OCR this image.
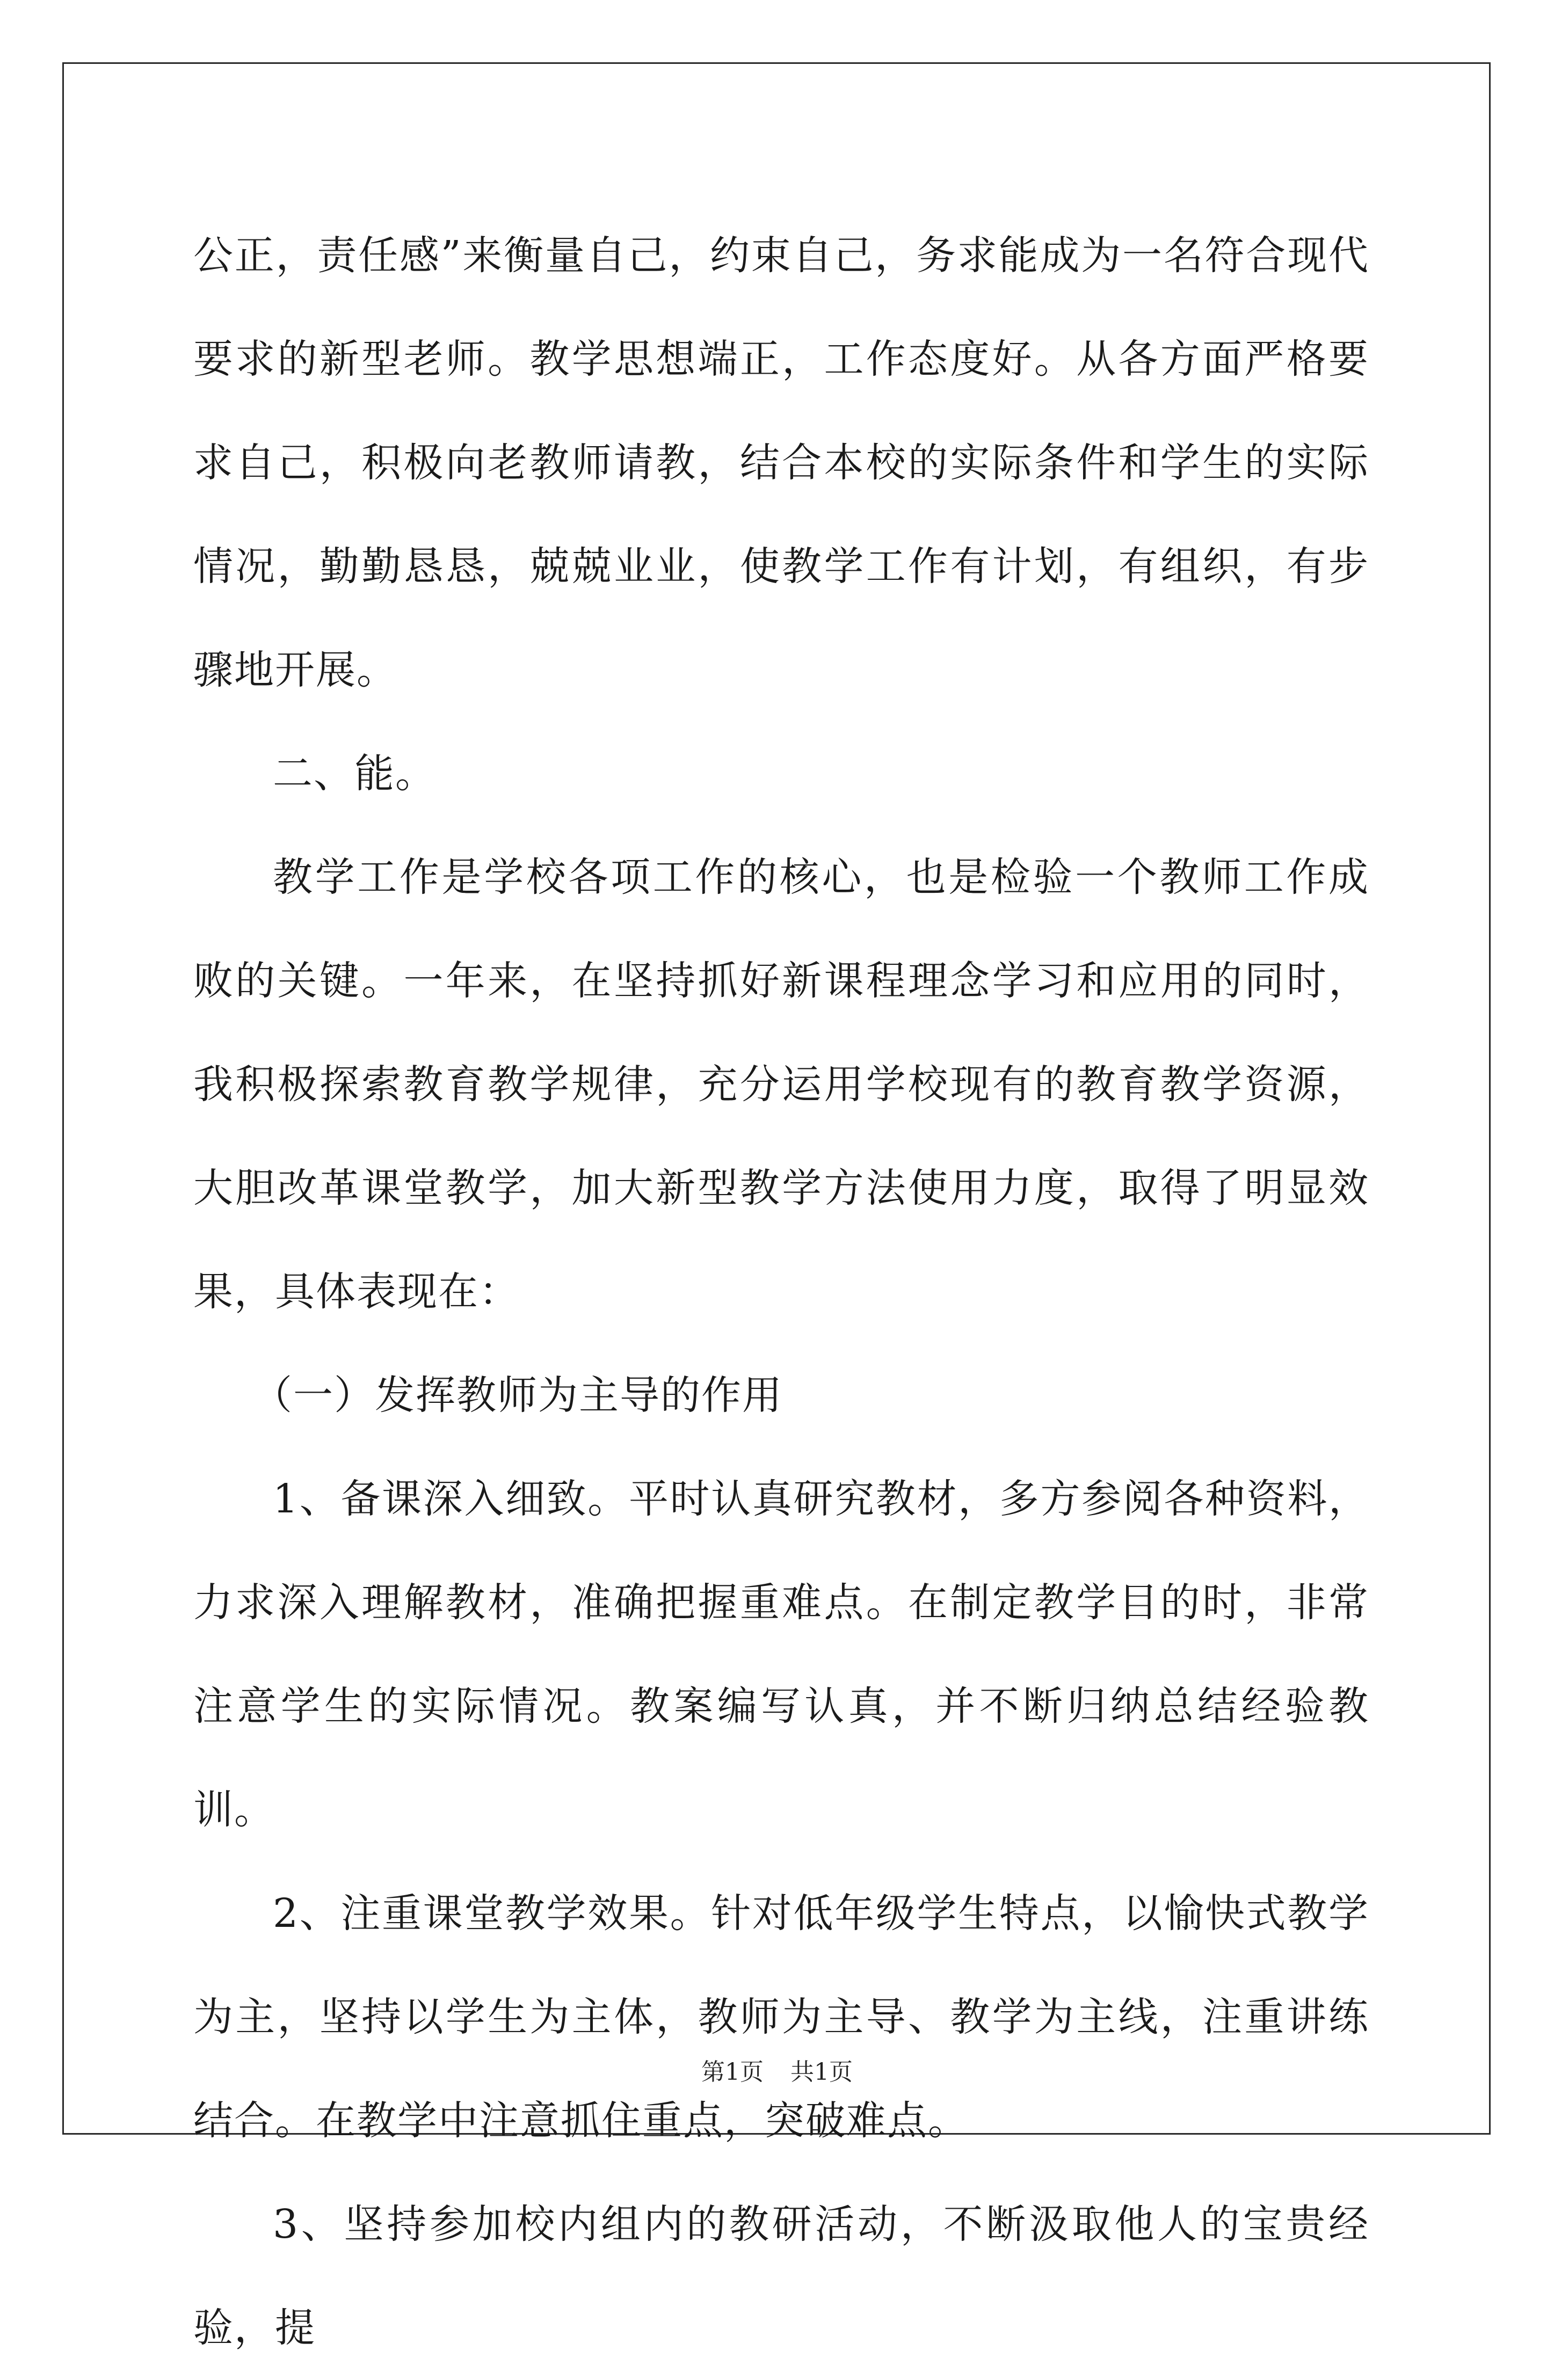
公正，责任感”来衡量自己，约束自己，务求能成为一名符合现代要求的新型老师。教学思想端正，工作态度好。从各方面严格要求自己，积极向老教师请教，结合本校的实际条件和学生的实际情况，勤勤恳恳，兢兢业业，使教学工作有计划，有组织，有步骤地开展。

二、能。

教学工作是学校各项工作的核心，也是检验一个教师工作成败的关键。一年来，在坚持抓好新课程理念学习和应用的同时，我积极探索教育教学规律，充分运用学校现有的教育教学资源，大胆改革课堂教学，加大新型教学方法使用力度，取得了明显效果，具体表现在：

（一）发挥教师为主导的作用

1、备课深入细致。平时认真研究教材，多方参阅各种资料，力求深入理解教材，准确把握重难点。在制定教学目的时，非常注意学生的实际情况。教案编写认真，并不断归纳总结经验教训。

2、注重课堂教学效果。针对低年级学生特点，以愉快式教学为主，坚持以学生为主体，教师为主导、教学为主线，注重讲练结合。在教学中注意抓住重点，突破难点。

3、坚持参加校内组内的教研活动，不断汲取他人的宝贵经验，提

第1页 共1页
